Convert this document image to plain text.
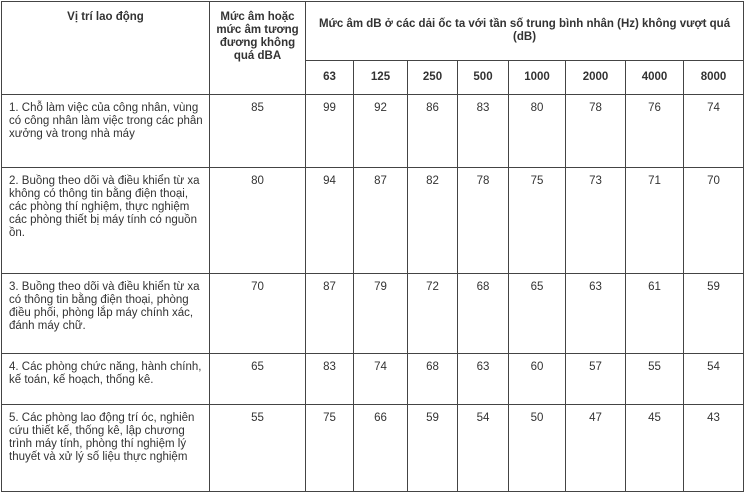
Vị trí lao động	Mức âm hoặc mức âm tương đương không quá dBA	Mức âm dB ở các dải ốc ta với tần số trung bình nhân (Hz) không vượt quá (dB)							
		63	125	250	500	1000	2000	4000	8000
1. Chỗ làm việc của công nhân, vùng có công nhân làm việc trong các phân xưởng và trong nhà máy	85	99	92	86	83	80	78	76	74
2. Buồng theo dõi và điều khiển từ xa không có thông tin bằng điện thoại, các phòng thí nghiệm, thực nghiệm các phòng thiết bị máy tính có nguồn ồn.	80	94	87	82	78	75	73	71	70
3. Buồng theo dõi và điều khiển từ xa có thông tin bằng điện thoại, phòng điều phối, phòng lắp máy chính xác, đánh máy chữ.	70	87	79	72	68	65	63	61	59
4. Các phòng chức năng, hành chính, kế toán, kế hoạch, thống kê.	65	83	74	68	63	60	57	55	54
5. Các phòng lao động trí óc, nghiên cứu thiết kế, thống kê, lập chương trình máy tính, phòng thí nghiệm lý thuyết và xử lý số liệu thực nghiệm	55	75	66	59	54	50	47	45	43
